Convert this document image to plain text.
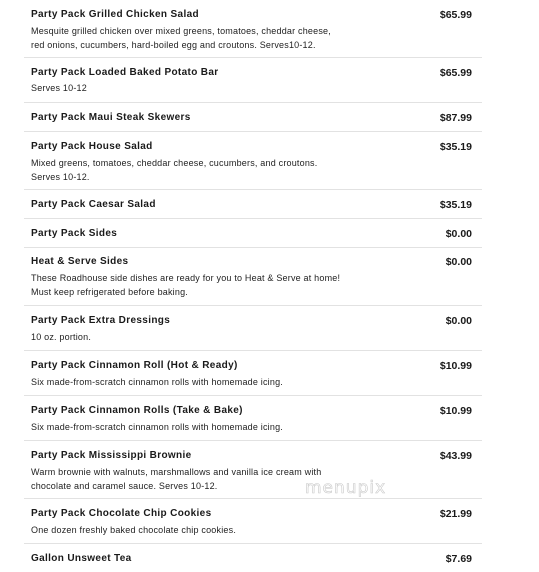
Party Pack Grilled Chicken Salad	$65.99
Mesquite grilled chicken over mixed greens, tomatoes, cheddar cheese,
red onions, cucumbers, hard-boiled egg and croutons. Serves10-12.
Party Pack Loaded Baked Potato Bar	$65.99
Serves 10-12
Party Pack Maui Steak Skewers	$87.99
Party Pack House Salad	$35.19
Mixed greens, tomatoes, cheddar cheese, cucumbers, and croutons.
Serves 10-12.
Party Pack Caesar Salad	$35.19
Party Pack Sides	$0.00
Heat & Serve Sides	$0.00
These Roadhouse side dishes are ready for you to Heat & Serve at home!
Must keep refrigerated before baking.
Party Pack Extra Dressings	$0.00
10 oz. portion.
Party Pack Cinnamon Roll (Hot & Ready)	$10.99
Six made-from-scratch cinnamon rolls with homemade icing.
Party Pack Cinnamon Rolls (Take & Bake)	$10.99
Six made-from-scratch cinnamon rolls with homemade icing.
Party Pack Mississippi Brownie	$43.99
Warm brownie with walnuts, marshmallows and vanilla ice cream with
chocolate and caramel sauce. Serves 10-12.
Party Pack Chocolate Chip Cookies	$21.99
One dozen freshly baked chocolate chip cookies.
Gallon Unsweet Tea	$7.69
menupix
